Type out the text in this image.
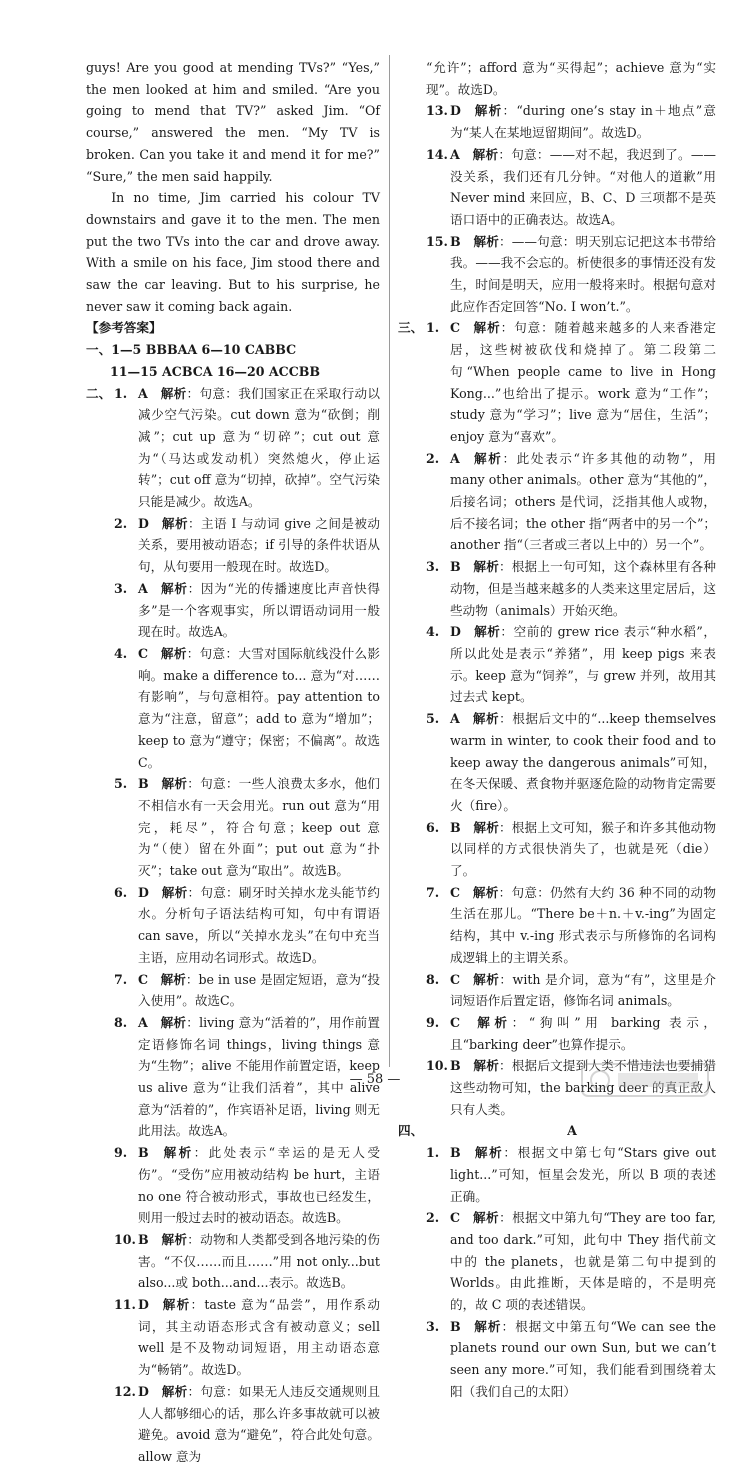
guys! Are you good at mending TVs?” “Yes,” the men looked at him and smiled. “Are you going to mend that TV?” asked Jim. “Of course,” answered the men. “My TV is broken. Can you take it and mend it for me?” “Sure,” the men said happily.

In no time, Jim carried his colour TV downstairs and gave it to the men. The men put the two TVs into the car and drove away. With a smile on his face, Jim stood there and saw the car leaving. But to his surprise, he never saw it coming back again.

【参考答案】

一、1—5 BBBAA 6—10 CABBC

11—15 ACBCA 16—20 ACCBB

二、 1. A  解析：句意：我们国家正在采取行动以减少空气污染。cut down 意为“砍倒；削减”；cut up 意为“切碎”；cut out 意为“（马达或发动机）突然熄火，停止运转”；cut off 意为“切掉，砍掉”。空气污染只能是减少。故选A。
2. D  解析：主语 I 与动词 give 之间是被动关系，要用被动语态；if 引导的条件状语从句，从句要用一般现在时。故选D。
3. A  解析：因为“光的传播速度比声音快得多”是一个客观事实，所以谓语动词用一般现在时。故选A。
4. C  解析：句意：大雪对国际航线没什么影响。make a difference to... 意为“对……有影响”，与句意相符。pay attention to 意为“注意，留意”；add to 意为“增加”；keep to 意为“遵守；保密；不偏离”。故选C。
5. B  解析：句意：一些人浪费太多水，他们不相信水有一天会用光。run out 意为“用完，耗尽”，符合句意；keep out 意为“（使）留在外面”；put out 意为“扑灭”；take out 意为“取出”。故选B。
6. D  解析：句意：刷牙时关掉水龙头能节约水。分析句子语法结构可知，句中有谓语 can save，所以“关掉水龙头”在句中充当主语，应用动名词形式。故选D。
7. C  解析：be in use 是固定短语，意为“投入使用”。故选C。
8. A  解析：living 意为“活着的”，用作前置定语修饰名词 things，living things 意为“生物”；alive 不能用作前置定语，keep us alive 意为“让我们活着”，其中 alive 意为“活着的”，作宾语补足语，living 则无此用法。故选A。
9. B  解析：此处表示“幸运的是无人受伤”。“受伤”应用被动结构 be hurt，主语 no one 符合被动形式，事故也已经发生，则用一般过去时的被动语态。故选B。
10. B  解析：动物和人类都受到各地污染的伤害。“不仅……而且……”用 not only...but also...或 both...and...表示。故选B。
11. D  解析：taste 意为“品尝”，用作系动词，其主动语态形式含有被动意义；sell well 是不及物动词短语，用主动语态意为“畅销”。故选D。
12. D  解析：句意：如果无人违反交通规则且人人都够细心的话，那么许多事故就可以被避免。avoid 意为“避免”，符合此处句意。allow 意为

“允许”；afford 意为“买得起”；achieve 意为“实现”。故选D。

13. D  解析：“during one’s stay in＋地点”意为“某人在某地逗留期间”。故选D。
14. A  解析：句意：——对不起，我迟到了。——没关系，我们还有几分钟。“对他人的道歉”用 Never mind 来回应，B、C、D 三项都不是英语口语中的正确表达。故选A。
15. B  解析：——句意：明天别忘记把这本书带给我。——我不会忘的。析使很多的事情还没有发生，时间是明天，应用一般将来时。根据句意对此应作否定回答“No. I won’t.”。
三、 1. C  解析：句意：随着越来越多的人来香港定居，这些树被砍伐和烧掉了。第二段第二句“When people came to live in Hong Kong...”也给出了提示。work 意为“工作”；study 意为“学习”；live 意为“居住，生活”；enjoy 意为“喜欢”。
2. A  解析：此处表示“许多其他的动物”，用 many other animals。other 意为“其他的”，后接名词；others 是代词，泛指其他人或物，后不接名词；the other 指“两者中的另一个”；another 指“（三者或三者以上中的）另一个”。
3. B  解析：根据上一句可知，这个森林里有各种动物，但是当越来越多的人类来这里定居后，这些动物（animals）开始灭绝。
4. D  解析：空前的 grew rice 表示“种水稻”，所以此处是表示“养猪”，用 keep pigs 来表示。keep 意为“饲养”，与 grew 并列，故用其过去式 kept。
5. A  解析：根据后文中的“...keep themselves warm in winter, to cook their food and to keep away the dangerous animals”可知，在冬天保暖、煮食物并驱逐危险的动物肯定需要火（fire）。
6. B  解析：根据上文可知，猴子和许多其他动物以同样的方式很快消失了，也就是死（die）了。
7. C  解析：句意：仍然有大约 36 种不同的动物生活在那儿。“There be＋n.＋v.-ing”为固定结构，其中 v.-ing 形式表示与所修饰的名词构成逻辑上的主谓关系。
8. C  解析：with 是介词，意为“有”，这里是介词短语作后置定语，修饰名词 animals。
9. C  解析：“狗叫”用 barking 表示，且“barking deer”也算作提示。
10. B  解析：根据后文提到人类不惜违法也要捕猎这些动物可知，the barking deer 的真正敌人只有人类。
四、	A
1. B  解析：根据文中第七句“Stars give out light...”可知，恒星会发光，所以 B 项的表述正确。
2. C  解析：根据文中第九句“They are too far, and too dark.”可知，此句中 They 指代前文中的 the planets，也就是第二句中提到的 Worlds。由此推断，天体是暗的，不是明亮的，故 C 项的表述错误。
3. B  解析：根据文中第五句“We can see the planets round our own Sun, but we can’t seen any more.”可知，我们能看到围绕着太阳（我们自己的太阳）
— 58 —
